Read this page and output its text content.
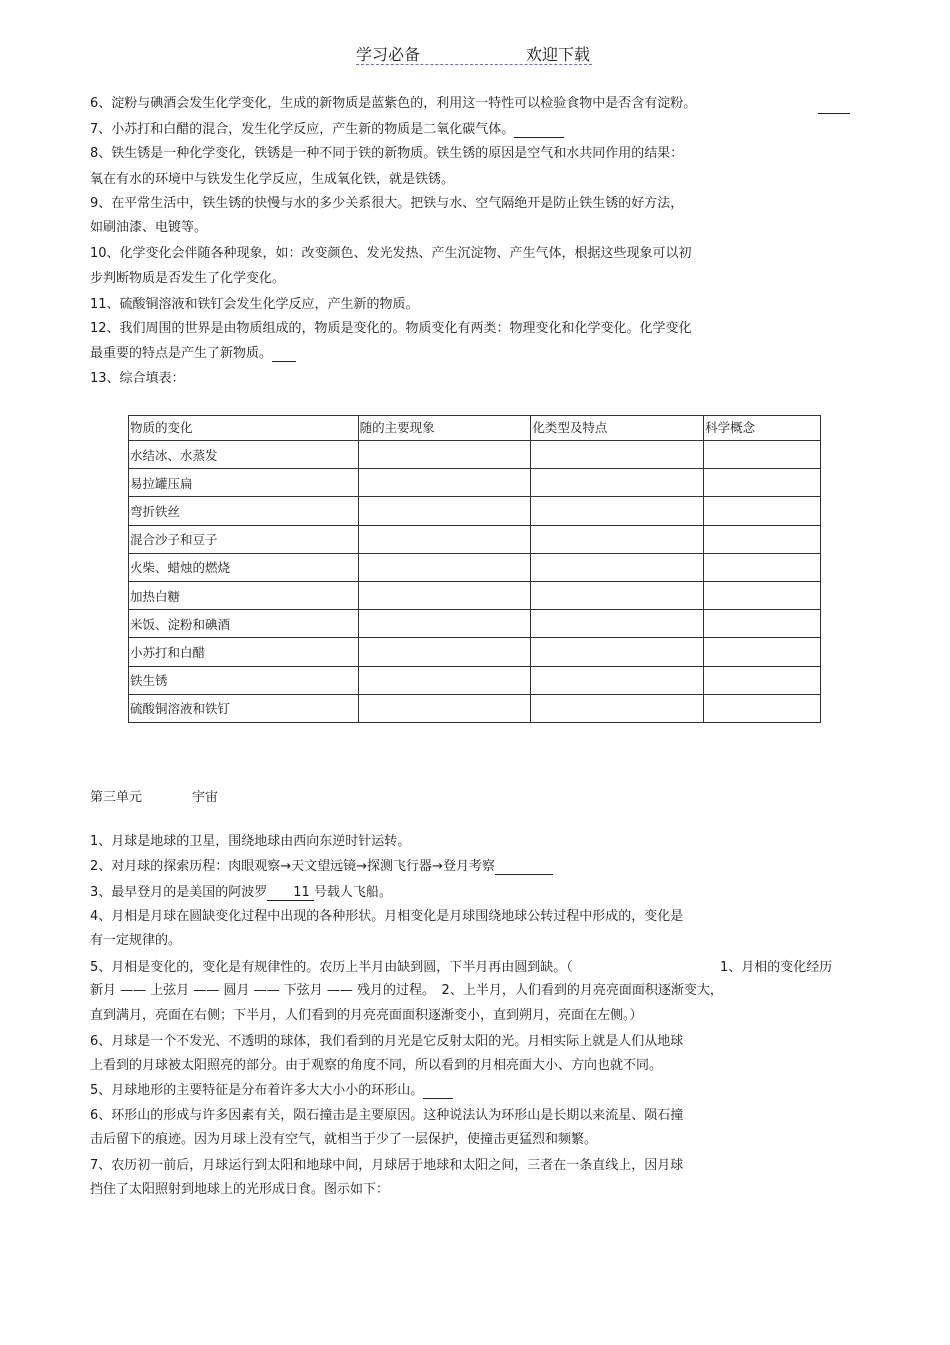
学习必备	欢迎下载
6、淀粉与碘酒会发生化学变化，生成的新物质是蓝紫色的，利用这一特性可以检验食物中是否含有淀粉。
7、小苏打和白醋的混合，发生化学反应，产生新的物质是二氧化碳气体。
8、铁生锈是一种化学变化，铁锈是一种不同于铁的新物质。铁生锈的原因是空气和水共同作用的结果：
氧在有水的环境中与铁发生化学反应，生成氧化铁，就是铁锈。
9、在平常生活中，铁生锈的快慢与水的多少关系很大。把铁与水、空气隔绝开是防止铁生锈的好方法，
如刷油漆、电镀等。
10、化学变化会伴随各种现象，如：改变颜色、发光发热、产生沉淀物、产生气体，根据这些现象可以初
步判断物质是否发生了化学变化。
11、硫酸铜溶液和铁钉会发生化学反应，产生新的物质。
12、我们周围的世界是由物质组成的，物质是变化的。物质变化有两类：物理变化和化学变化。化学变化
最重要的特点是产生了新物质。
13、综合填表：
物质的变化	随的主要现象	化类型及特点	科学概念
水结冰、水蒸发			
易拉罐压扁			
弯折铁丝			
混合沙子和豆子			
火柴、蜡烛的燃烧			
加热白糖			
米饭、淀粉和碘酒			
小苏打和白醋			
铁生锈			
硫酸铜溶液和铁钉			
第三单元	宇宙
1、月球是地球的卫星，围绕地球由西向东逆时针运转。
2、对月球的探索历程：肉眼观察→天文望远镜→探测飞行器→登月考察
3、最早登月的是美国的阿波罗 11 号载人飞船。
4、月相是月球在圆缺变化过程中出现的各种形状。月相变化是月球围绕地球公转过程中形成的，变化是
有一定规律的。
5、月相是变化的，变化是有规律性的。农历上半月由缺到圆，下半月再由圆到缺。（	1、月相的变化经历
新月 —— 上弦月 —— 圆月 —— 下弦月 —— 残月的过程。　2、上半月，人们看到的月亮亮面面积逐渐变大，
直到满月，亮面在右侧；下半月，人们看到的月亮亮面面积逐渐变小，直到朔月，亮面在左侧。）
6、月球是一个不发光、不透明的球体，我们看到的月光是它反射太阳的光。月相实际上就是人们从地球
上看到的月球被太阳照亮的部分。由于观察的角度不同，所以看到的月相亮面大小、方向也就不同。
5、月球地形的主要特征是分布着许多大大小小的环形山。
6、环形山的形成与许多因素有关，陨石撞击是主要原因。这种说法认为环形山是长期以来流星、陨石撞
击后留下的痕迹。因为月球上没有空气，就相当于少了一层保护，使撞击更猛烈和频繁。
7、农历初一前后，月球运行到太阳和地球中间，月球居于地球和太阳之间，三者在一条直线上，因月球
挡住了太阳照射到地球上的光形成日食。图示如下：
